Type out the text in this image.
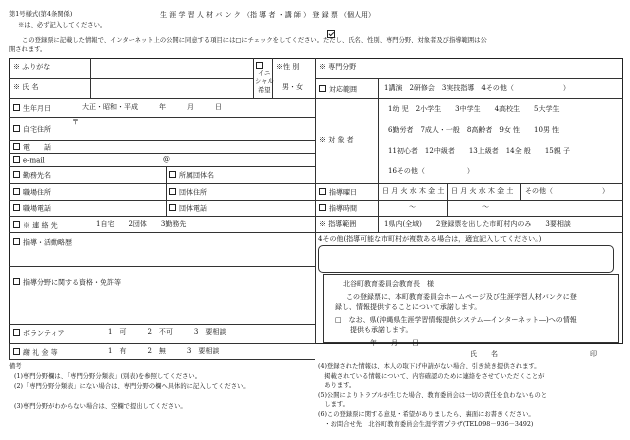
第1号様式(第4条関係)	生 涯 学 習 人 材 バ ン ク （指 導 者 ・講 師 ） 登 録 票 （個人用）
※は、必ず記入してください。
この登録票に記載した情報で、インターネット上の公開に同意する項目には□にチェックをしてください。ただし、氏名、性別、専門分野、対象者及び指導範囲は公
開されます。
※ ふりがな
※ 氏 名
イニ
シャル
希望
※性 別
男・女
生年月日	大正・昭和・平成　　　年　　　月　　　日
自宅住所
〒
電　　話
e-mail	@
勤務先名	所属団体名
職場住所	団体住所
職場電話	団体電話
※ 連 絡 先	1自宅　　2団体　　3勤務先
指導・活動略歴
指導分野に関する資格・免許等
ボランティア	1　可　　　2　不可　　　3　要相談
※ 専門分野
対応範囲	1講演　2研修会　3実技指導　4その他（　　　　　　　）
※ 対 象 者
1幼 児　2小学生　　3中学生　　4高校生　　5大学生
6勤労者　7成人・一般　8高齢者　9女 性　　10男 性
11初心者　12中級者　　13上級者　14全 般　　15親 子
16その他（　　　　　　）
指導曜日	日 月 火 水 木 金 土 日 月 火 水 木 金 土 その他（　　　　　　　）
指導時間	〜	〜
※ 指導範囲	1県内(全域)　　2登録票を出した市町村内のみ　　3要相談
4その他(指導可能な市町村が複数ある場合は，適宜記入してください。)
北谷町教育委員会教育長　様
この登録票に、本町教育委員会ホームページ及び生涯学習人材バンクに登
録し、情報提供することについて承諾します。
□　なお、県(沖縄県生涯学習情報提供システム―インターネット―)への情報
提供も承諾します。
年　　月　　日
氏　　名	印
謝 礼 金 等	1　有　　　2　無　　　3　要相談
備考
(1)専門分野欄は、「専門分野分類表」(別表)を参照してください。
(2)「専門分野分類表」にない場合は、専門分野の欄へ具体的に記入してください。
(3)専門分野がわからない場合は、空欄で提出してください。
(4)登録された情報は、本人の取下げ申請がない場合、引き続き提供されます。
　掲載されている情報について、内容確認のために連絡をさせていただくことが
　あります。
(5)公開によりトラブルが生じた場合、教育委員会は一切の責任を負わないものと
　します。
(6)この登録票に関する意見・希望がありましたら、裏面にお書きください。
　・お問合せ先　北谷町教育委員会生涯学習プラザ(TEL098－936－3492)
